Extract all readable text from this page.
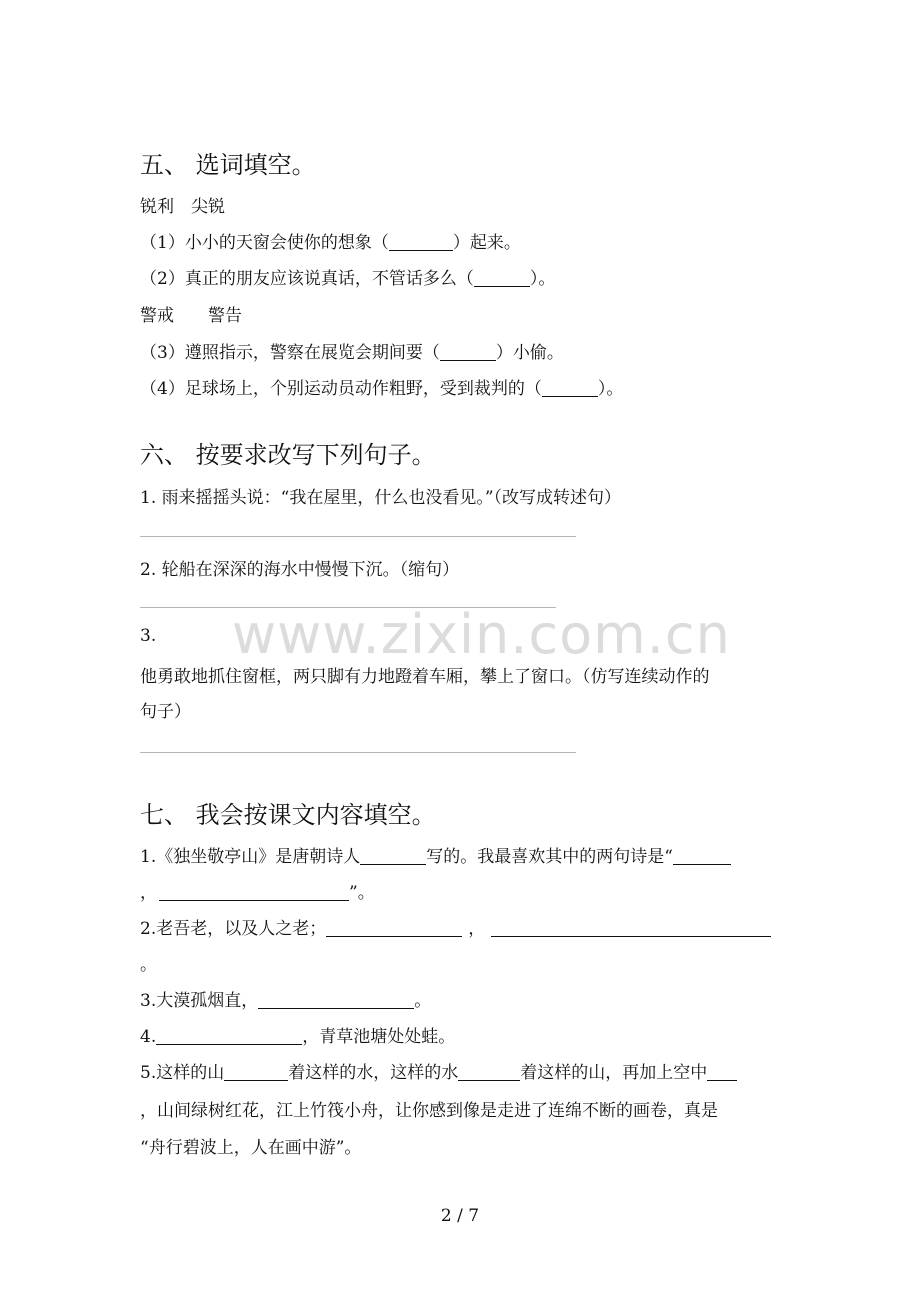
www.zixin.com.cn
五、 选词填空。
锐利　尖锐
（1）小小的天窗会使你的想象（	）起来。
（2）真正的朋友应该说真话，不管话多么（	）。
警戒　　警告
（3）遵照指示，警察在展览会期间要（	）小偷。
（4）足球场上，个别运动员动作粗野，受到裁判的（	）。
六、 按要求改写下列句子。
1. 雨来摇摇头说：“我在屋里，什么也没看见。”（改写成转述句）
2. 轮船在深深的海水中慢慢下沉。（缩句）
3.
他勇敢地抓住窗框，两只脚有力地蹬着车厢，攀上了窗口。（仿写连续动作的
句子）
七、 我会按课文内容填空。
1.《独坐敬亭山》是唐朝诗人	写的。我最喜欢其中的两句诗是“
，	”。
2.老吾老，以及人之老；	，
。
3.大漠孤烟直，	。
4.	，青草池塘处处蛙。
5.这样的山	着这样的水，这样的水	着这样的山，再加上空中
，山间绿树红花，江上竹筏小舟，让你感到像是走进了连绵不断的画卷，真是
“舟行碧波上，人在画中游”。
2 / 7
